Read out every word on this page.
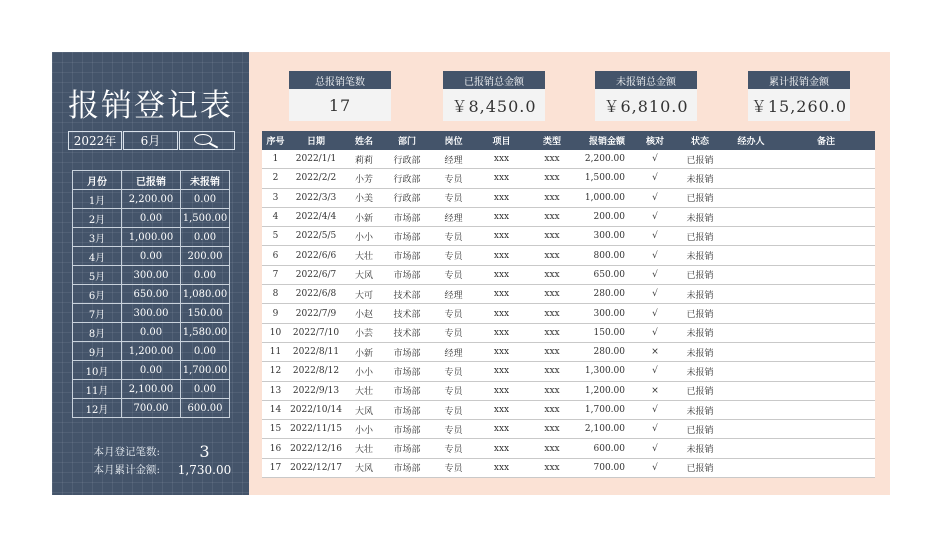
报销登记表
2022年	6月
月份	已报销	未报销
1月	2,200.00	0.00
2月	0.00	1,500.00
3月	1,000.00	0.00
4月	0.00	200.00
5月	300.00	0.00
6月	650.00	1,080.00
7月	300.00	150.00
8月	0.00	1,580.00
9月	1,200.00	0.00
10月	0.00	1,700.00
11月	2,100.00	0.00
12月	700.00	600.00
本月登记笔数:	3
本月累计金额:	1,730.00
总报销笔数
17
已报销总金额
￥8,450.0
未报销总金额
￥6,810.0
累计报销金额
￥15,260.0
序号	日期	姓名	部门	岗位	项目	类型	报销金额	核对	状态	经办人	备注
1	2022/1/1	莉莉	行政部	经理	xxx	xxx	2,200.00	√	已报销		
2	2022/2/2	小芳	行政部	专员	xxx	xxx	1,500.00	√	未报销		
3	2022/3/3	小美	行政部	专员	xxx	xxx	1,000.00	√	已报销		
4	2022/4/4	小新	市场部	经理	xxx	xxx	200.00	√	未报销		
5	2022/5/5	小小	市场部	专员	xxx	xxx	300.00	√	已报销		
6	2022/6/6	大壮	市场部	专员	xxx	xxx	800.00	√	未报销		
7	2022/6/7	大风	市场部	专员	xxx	xxx	650.00	√	已报销		
8	2022/6/8	大可	技术部	经理	xxx	xxx	280.00	√	未报销		
9	2022/7/9	小赵	技术部	专员	xxx	xxx	300.00	√	已报销		
10	2022/7/10	小芸	技术部	专员	xxx	xxx	150.00	√	未报销		
11	2022/8/11	小新	市场部	经理	xxx	xxx	280.00	×	未报销		
12	2022/8/12	小小	市场部	专员	xxx	xxx	1,300.00	√	未报销		
13	2022/9/13	大壮	市场部	专员	xxx	xxx	1,200.00	×	已报销		
14	2022/10/14	大风	市场部	专员	xxx	xxx	1,700.00	√	未报销		
15	2022/11/15	小小	市场部	专员	xxx	xxx	2,100.00	√	已报销		
16	2022/12/16	大壮	市场部	专员	xxx	xxx	600.00	√	未报销		
17	2022/12/17	大风	市场部	专员	xxx	xxx	700.00	√	已报销		
